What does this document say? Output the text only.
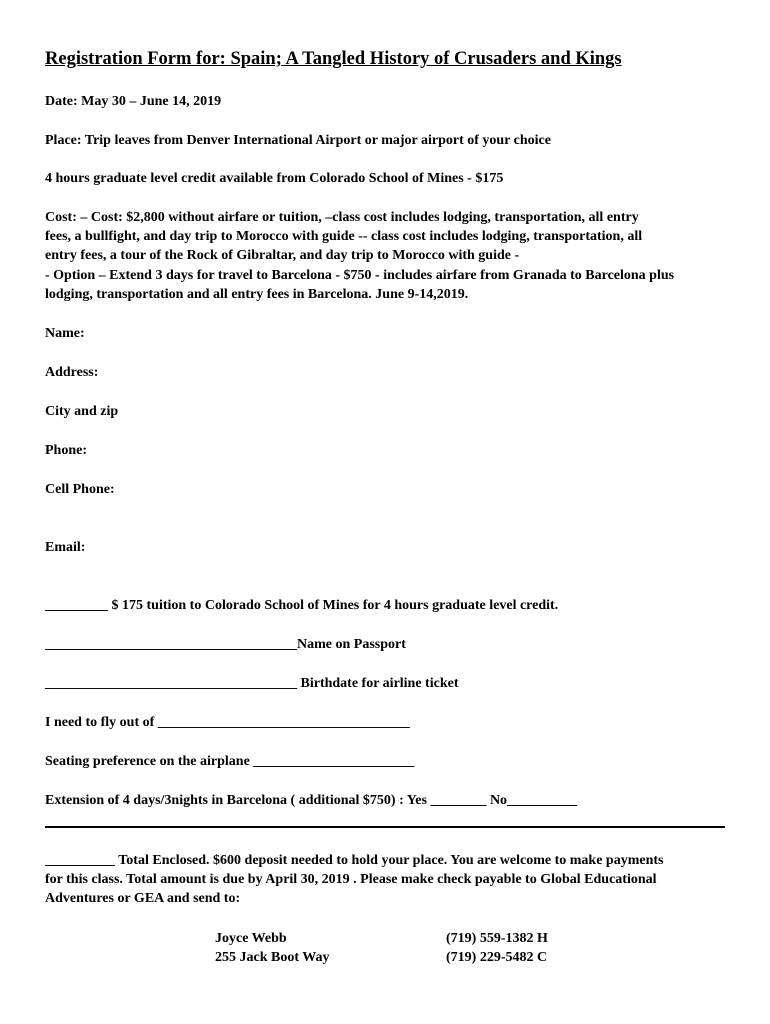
Registration Form for: Spain; A Tangled History of Crusaders and Kings
Date: May 30 – June 14, 2019
Place: Trip leaves from Denver International Airport or major airport of your choice
4 hours graduate level credit available from Colorado School of Mines - $175
Cost: – Cost: $2,800 without airfare or tuition, –class cost includes lodging, transportation, all entry
fees, a bullfight, and day trip to Morocco with guide -- class cost includes lodging, transportation, all
entry fees, a tour of the Rock of Gibraltar, and day trip to Morocco with guide -
- Option – Extend 3 days for travel to Barcelona - $750 - includes airfare from Granada to Barcelona plus
lodging, transportation and all entry fees in Barcelona. June 9-14,2019.
Name:
Address:
City and zip
Phone:
Cell Phone:
Email:
_________ $ 175 tuition to Colorado School of Mines for 4 hours graduate level credit.
____________________________________Name on Passport
____________________________________ Birthdate for airline ticket
I need to fly out of ____________________________________
Seating preference on the airplane _______________________
Extension of 4 days/3nights in Barcelona ( additional $750) : Yes ________ No__________
__________ Total Enclosed. $600 deposit needed to hold your place. You are welcome to make payments
for this class. Total amount is due by April 30, 2019 . Please make check payable to Global Educational
Adventures or GEA and send to:
Joyce Webb
255 Jack Boot Way
(719) 559-1382 H
(719) 229-5482 C
